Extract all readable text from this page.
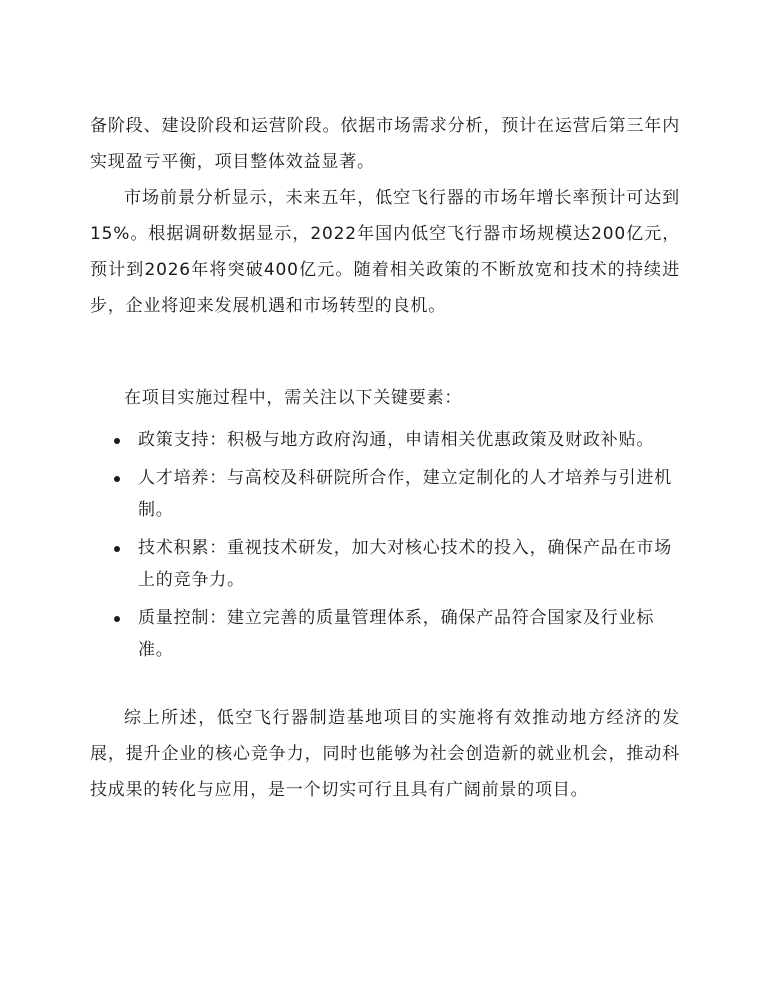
备阶段、建设阶段和运营阶段。依据市场需求分析，预计在运营后第三年内实现盈亏平衡，项目整体效益显著。

市场前景分析显示，未来五年，低空飞行器的市场年增长率预计可达到15%。根据调研数据显示，2022年国内低空飞行器市场规模达200亿元，预计到2026年将突破400亿元。随着相关政策的不断放宽和技术的持续进步，企业将迎来发展机遇和市场转型的良机。

在项目实施过程中，需关注以下关键要素：

政策支持：积极与地方政府沟通，申请相关优惠政策及财政补贴。
人才培养：与高校及科研院所合作，建立定制化的人才培养与引进机制。
技术积累：重视技术研发，加大对核心技术的投入，确保产品在市场上的竞争力。
质量控制：建立完善的质量管理体系，确保产品符合国家及行业标准。

综上所述，低空飞行器制造基地项目的实施将有效推动地方经济的发展，提升企业的核心竞争力，同时也能够为社会创造新的就业机会，推动科技成果的转化与应用，是一个切实可行且具有广阔前景的项目。
